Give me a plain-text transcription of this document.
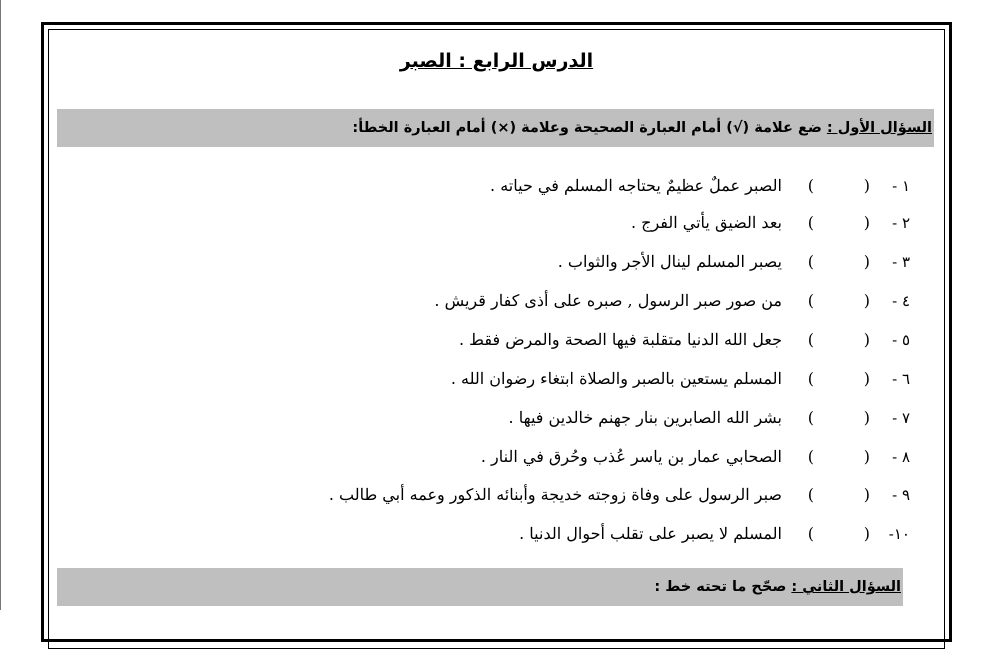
الدرس الرابع : الصبر
السؤال الأول : ضع علامة (√) أمام العبارة الصحيحة وعلامة (×) أمام العبارة الخطأ:
١ -
(
)
الصبر عملٌ عظيمٌ يحتاجه المسلم في حياته .
٢ -
(
)
بعد الضيق يأتي الفرج .
٣ -
(
)
يصبر المسلم لينال الأجر والثواب .
٤ -
(
)
من صور صبر الرسول , صبره على أذى كفار قريش .
٥ -
(
)
جعل الله الدنيا متقلبة فيها الصحة والمرض فقط .
٦ -
(
)
المسلم يستعين بالصبر والصلاة ابتغاء رضوان الله .
٧ -
(
)
بشر الله الصابرين بنار جهنم خالدين فيها .
٨ -
(
)
الصحابي عمار بن ياسر عُذب وحُرق في النار .
٩ -
(
)
صبر الرسول على وفاة زوجته خديجة وأبنائه الذكور وعمه أبي طالب .
١٠-
(
)
المسلم لا يصبر على تقلب أحوال الدنيا .
السؤال الثاني : صحّح ما تحته خط :
